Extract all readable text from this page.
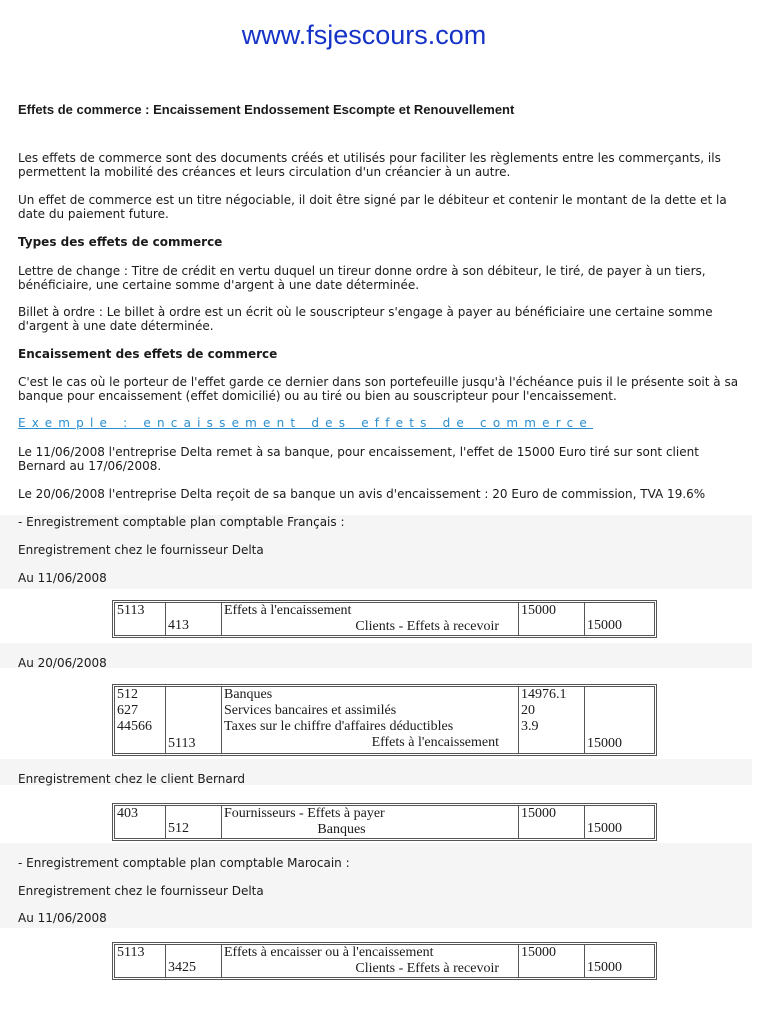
www.fsjescours.com
Effets de commerce : Encaissement Endossement Escompte et Renouvellement

Les effets de commerce sont des documents créés et utilisés pour faciliter les règlements entre les commerçants, ils permettent la mobilité des créances et leurs circulation d'un créancier à un autre.

Un effet de commerce est un titre négociable, il doit être signé par le débiteur et contenir le montant de la dette et la date du paiement future.

Types des effets de commerce

Lettre de change : Titre de crédit en vertu duquel un tireur donne ordre à son débiteur, le tiré, de payer à un tiers, bénéficiaire, une certaine somme d'argent à une date déterminée.

Billet à ordre : Le billet à ordre est un écrit où le souscripteur s'engage à payer au bénéficiaire une certaine somme d'argent à une date déterminée.

Encaissement des effets de commerce

C'est le cas où le porteur de l'effet garde ce dernier dans son portefeuille jusqu'à l'échéance puis il le présente soit à sa banque pour encaissement (effet domicilié) ou au tiré ou bien au souscripteur pour l'encaissement.

Exemple : encaissement des effets de commerce

Le 11/06/2008 l'entreprise Delta remet à sa banque, pour encaissement, l'effet de 15000 Euro tiré sur sont client Bernard au 17/06/2008.

Le 20/06/2008 l'entreprise Delta reçoit de sa banque un avis d'encaissement : 20 Euro de commission, TVA 19.6%

- Enregistrement comptable plan comptable Français :

Enregistrement chez le fournisseur Delta

Au 11/06/2008

5113
413
Effets à l'encaissement
Clients - Effets à recevoir
15000
15000

Au 20/06/2008

512
627
44566
5113
Banques
Services bancaires et assimilés
Taxes sur le chiffre d'affaires déductibles
Effets à l'encaissement
14976.1
20
3.9
15000

Enregistrement chez le client Bernard

403
512
Fournisseurs - Effets à payer
Banques
15000
15000

- Enregistrement comptable plan comptable Marocain :

Enregistrement chez le fournisseur Delta

Au 11/06/2008

5113
3425
Effets à encaisser ou à l'encaissement
Clients - Effets à recevoir
15000
15000
